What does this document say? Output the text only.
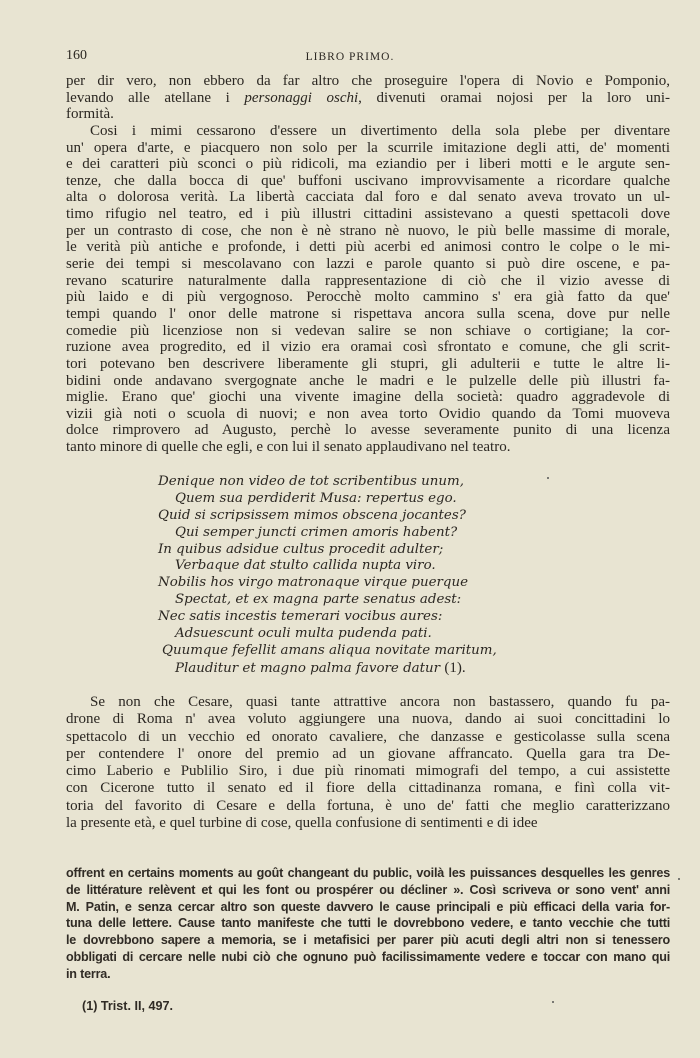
160	LIBRO PRIMO.
per dir vero, non ebbero da far altro che proseguire l'opera di Novio e Pomponio,
levando alle atellane i personaggi oschi, divenuti oramai nojosi per la loro uni-
formità.
Cosi i mimi cessarono d'essere un divertimento della sola plebe per diventare
un' opera d'arte, e piacquero non solo per la scurrile imitazione degli atti, de' momenti
e dei caratteri più sconci o più ridicoli, ma eziandio per i liberi motti e le argute sen-
tenze, che dalla bocca di que' buffoni uscivano improvvisamente a ricordare qualche
alta o dolorosa verità. La libertà cacciata dal foro e dal senato aveva trovato un ul-
timo rifugio nel teatro, ed i più illustri cittadini assistevano a questi spettacoli dove
per un contrasto di cose, che non è nè strano nè nuovo, le più belle massime di morale,
le verità più antiche e profonde, i detti più acerbi ed animosi contro le colpe o le mi-
serie dei tempi si mescolavano con lazzi e parole quanto si può dire oscene, e pa-
revano scaturire naturalmente dalla rappresentazione di ciò che il vizio avesse di
più laido e di più vergognoso. Perocchè molto cammino s' era già fatto da que'
tempi quando l' onor delle matrone si rispettava ancora sulla scena, dove pur nelle
comedie più licenziose non si vedevan salire se non schiave o cortigiane; la cor-
ruzione avea progredito, ed il vizio era oramai così sfrontato e comune, che gli scrit-
tori potevano ben descrivere liberamente gli stupri, gli adulterii e tutte le altre li-
bidini onde andavano svergognate anche le madri e le pulzelle delle più illustri fa-
miglie. Erano que' giochi una vivente imagine della società: quadro aggradevole di
vizii già noti o scuola di nuovi; e non avea torto Ovidio quando da Tomi muoveva
dolce rimprovero ad Augusto, perchè lo avesse severamente punito di una licenza
tanto minore di quelle che egli, e con lui il senato applaudivano nel teatro.
Denique non video de tot scribentibus unum,
Quem sua perdiderit Musa: repertus ego.
Quid si scripsissem mimos obscena jocantes?
Qui semper juncti crimen amoris habent?
In quibus adsidue cultus procedit adulter;
Verbaque dat stulto callida nupta viro.
Nobilis hos virgo matronaque virque puerque
Spectat, et ex magna parte senatus adest:
Nec satis incestis temerari vocibus aures:
Adsuescunt oculi multa pudenda pati.
Quumque fefellit amans aliqua novitate maritum,
Plauditur et magno palma favore datur (1).
Se non che Cesare, quasi tante attrattive ancora non bastassero, quando fu pa-
drone di Roma n' avea voluto aggiungere una nuova, dando ai suoi concittadini lo
spettacolo di un vecchio ed onorato cavaliere, che danzasse e gesticolasse sulla scena
per contendere l' onore del premio ad un giovane affrancato. Quella gara tra De-
cimo Laberio e Publilio Siro, i due più rinomati mimografi del tempo, a cui assistette
con Cicerone tutto il senato ed il fiore della cittadinanza romana, e finì colla vit-
toria del favorito di Cesare e della fortuna, è uno de' fatti che meglio caratterizzano
la presente età, e quel turbine di cose, quella confusione di sentimenti e di idee
offrent en certains moments au goût changeant du public, voilà les puissances desquelles les genres
de littérature relèvent et qui les font ou prospérer ou décliner ». Così scriveva or sono vent' anni
M. Patin, e senza cercar altro son queste davvero le cause principali e più efficaci della varia for-
tuna delle lettere. Cause tanto manifeste che tutti le dovrebbono vedere, e tanto vecchie che tutti
le dovrebbono sapere a memoria, se i metafisici per parer più acuti degli altri non si tenessero
obbligati di cercare nelle nubi ciò che ognuno può facilissimamente vedere e toccar con mano qui
in terra.
(1) Trist. II, 497.
